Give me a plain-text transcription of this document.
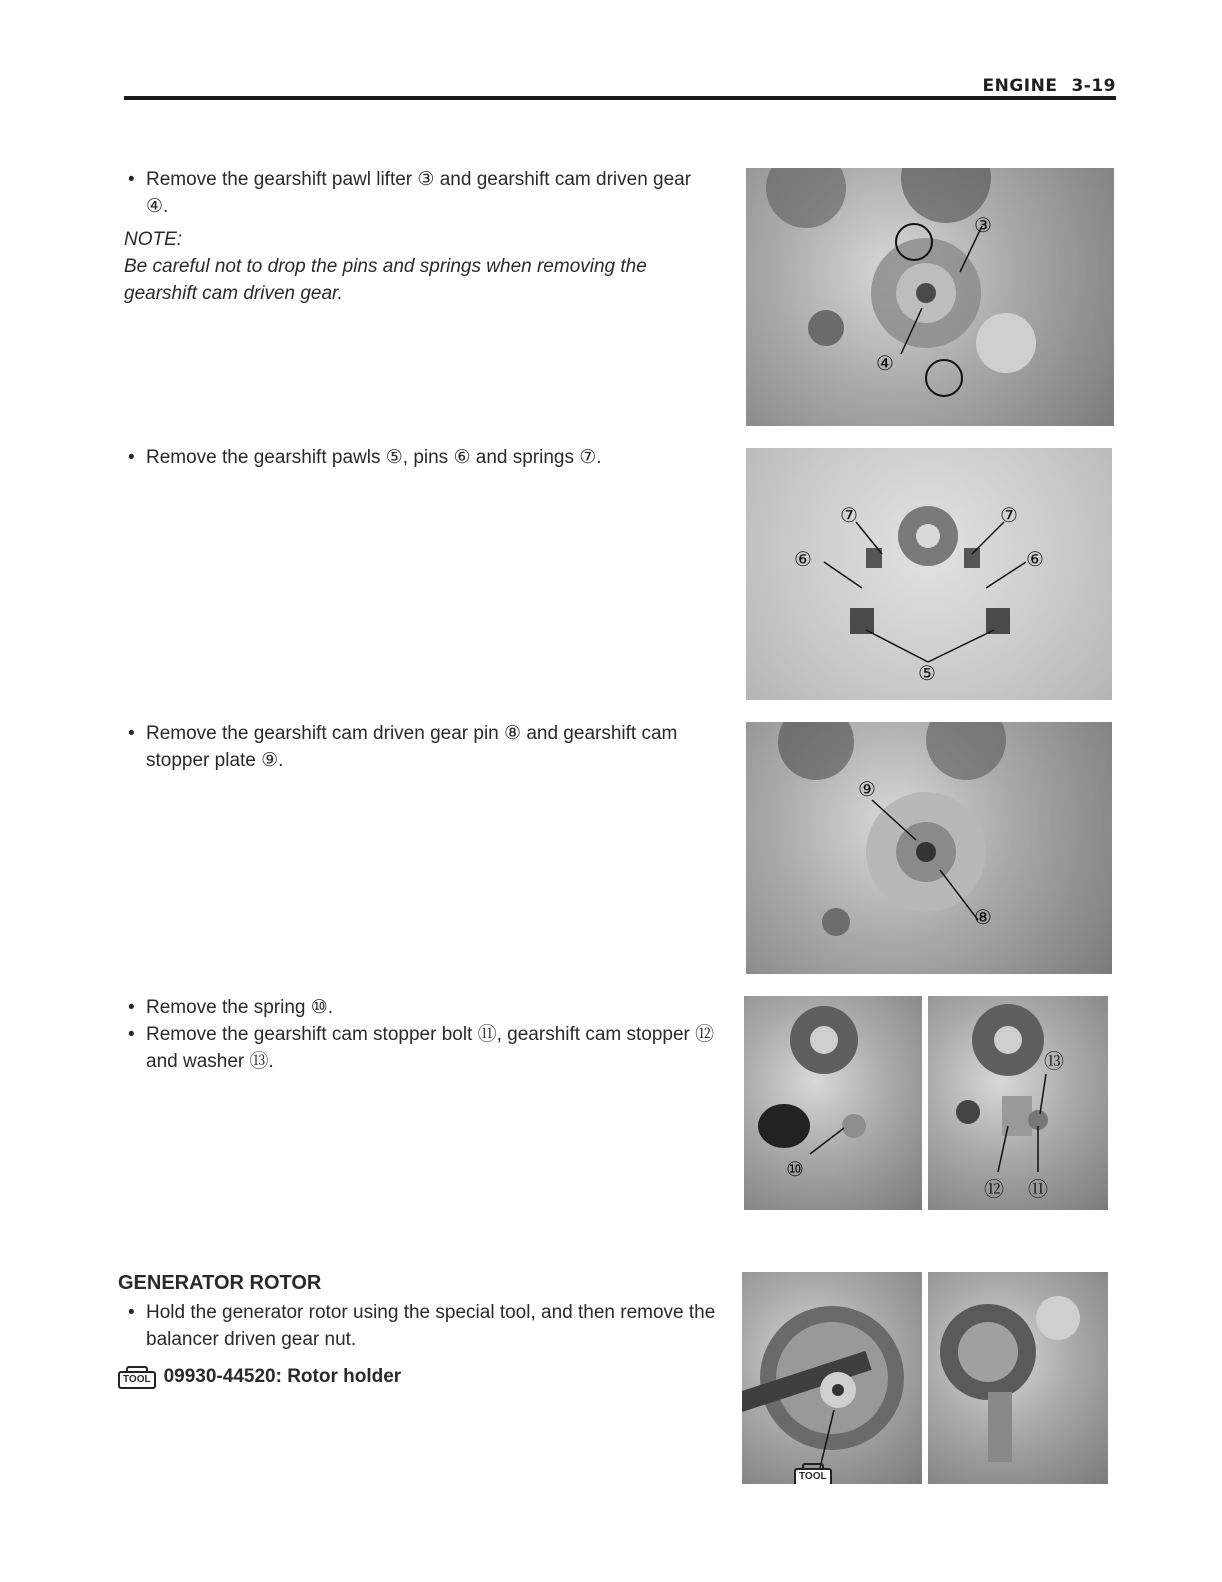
ENGINE 3-19

• Remove the gearshift pawl lifter ③ and gearshift cam driven gear ④.

NOTE:
Be careful not to drop the pins and springs when removing the gearshift cam driven gear.

• Remove the gearshift pawls ⑤, pins ⑥ and springs ⑦.

• Remove the gearshift cam driven gear pin ⑧ and gearshift cam stopper plate ⑨.

• Remove the spring ⑩.

• Remove the gearshift cam stopper bolt ⑪, gearshift cam stopper ⑫ and washer ⑬.

GENERATOR ROTOR

• Hold the generator rotor using the special tool, and then remove the balancer driven gear nut.

TOOL 09930-44520: Rotor holder
③
④
⑦	⑦
⑥	⑥
⑤
⑨
⑧
⑩
⑬
⑫ ⑪
TOOL
